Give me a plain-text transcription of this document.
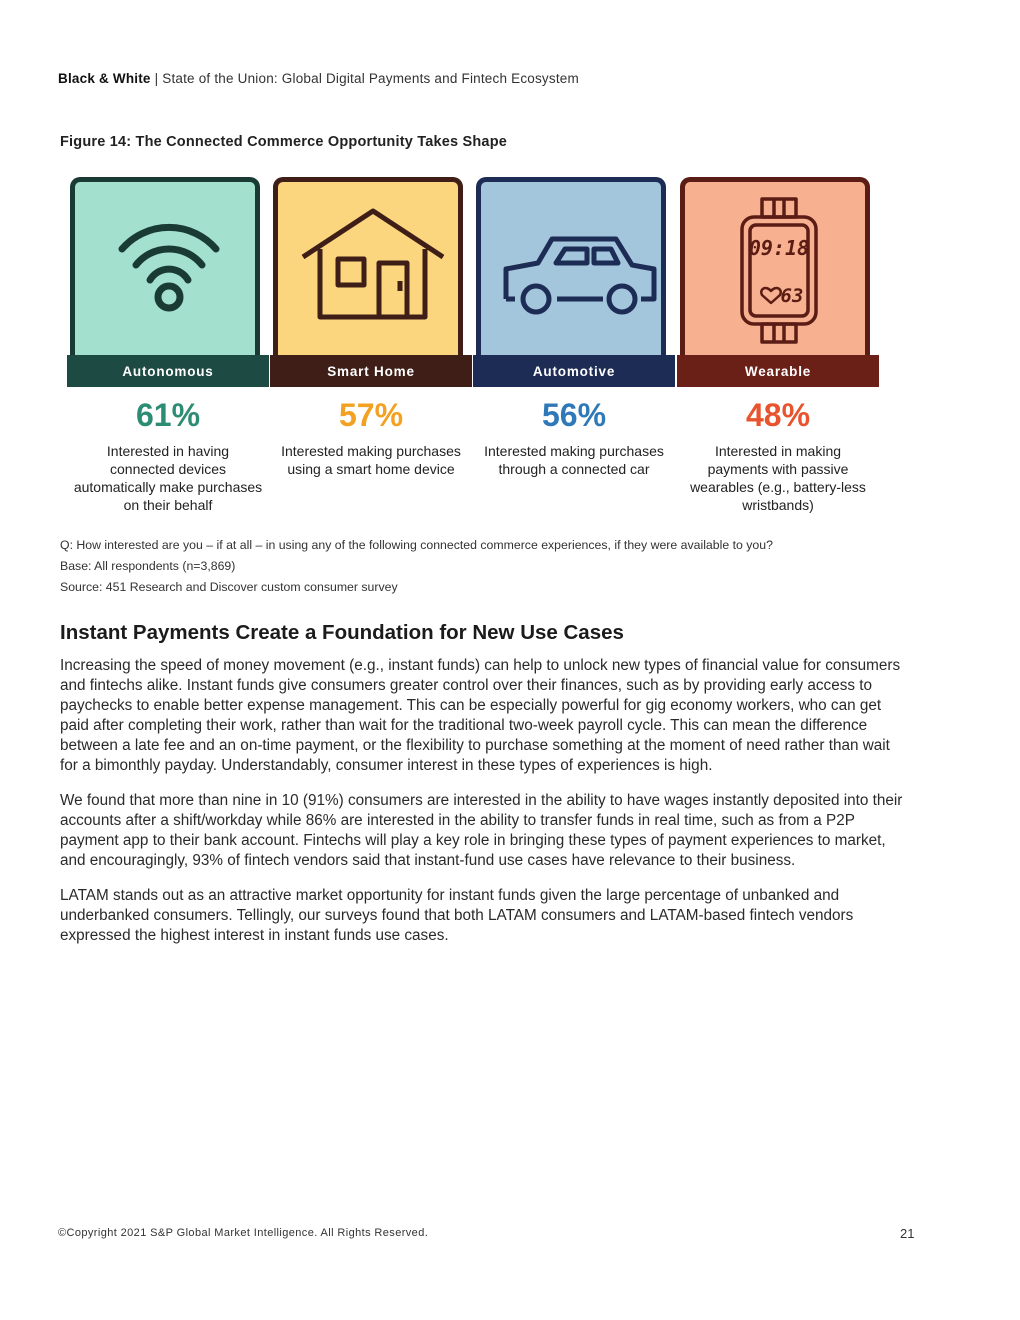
Black & White | State of the Union: Global Digital Payments and Fintech Ecosystem
Figure 14: The Connected Commerce Opportunity Takes Shape
Autonomous
61%
Interested in having connected devices automatically make purchases on their behalf
Smart Home
57%
Interested making purchases using a smart home device
Automotive
56%
Interested making purchases through a connected car
09:18
63
Wearable
48%
Interested in making payments with passive wearables (e.g., battery-less wristbands)
Q: How interested are you – if at all – in using any of the following connected commerce experiences, if they were available to you?
Base: All respondents (n=3,869)
Source: 451 Research and Discover custom consumer survey
Instant Payments Create a Foundation for New Use Cases

Increasing the speed of money movement (e.g., instant funds) can help to unlock new types of financial value for consumers and fintechs alike. Instant funds give consumers greater control over their finances, such as by providing early access to paychecks to enable better expense management. This can be especially powerful for gig economy workers, who can get paid after completing their work, rather than wait for the traditional two-week payroll cycle. This can mean the difference between a late fee and an on-time payment, or the flexibility to purchase something at the moment of need rather than wait for a bimonthly payday. Understandably, consumer interest in these types of experiences is high.

We found that more than nine in 10 (91%) consumers are interested in the ability to have wages instantly deposited into their accounts after a shift/workday while 86% are interested in the ability to transfer funds in real time, such as from a P2P payment app to their bank account. Fintechs will play a key role in bringing these types of payment experiences to market, and encouragingly, 93% of fintech vendors said that instant-fund use cases have relevance to their business.

LATAM stands out as an attractive market opportunity for instant funds given the large percentage of unbanked and underbanked consumers. Tellingly, our surveys found that both LATAM consumers and LATAM-based fintech vendors expressed the highest interest in instant funds use cases.

©Copyright 2021 S&P Global Market Intelligence. All Rights Reserved.	21
